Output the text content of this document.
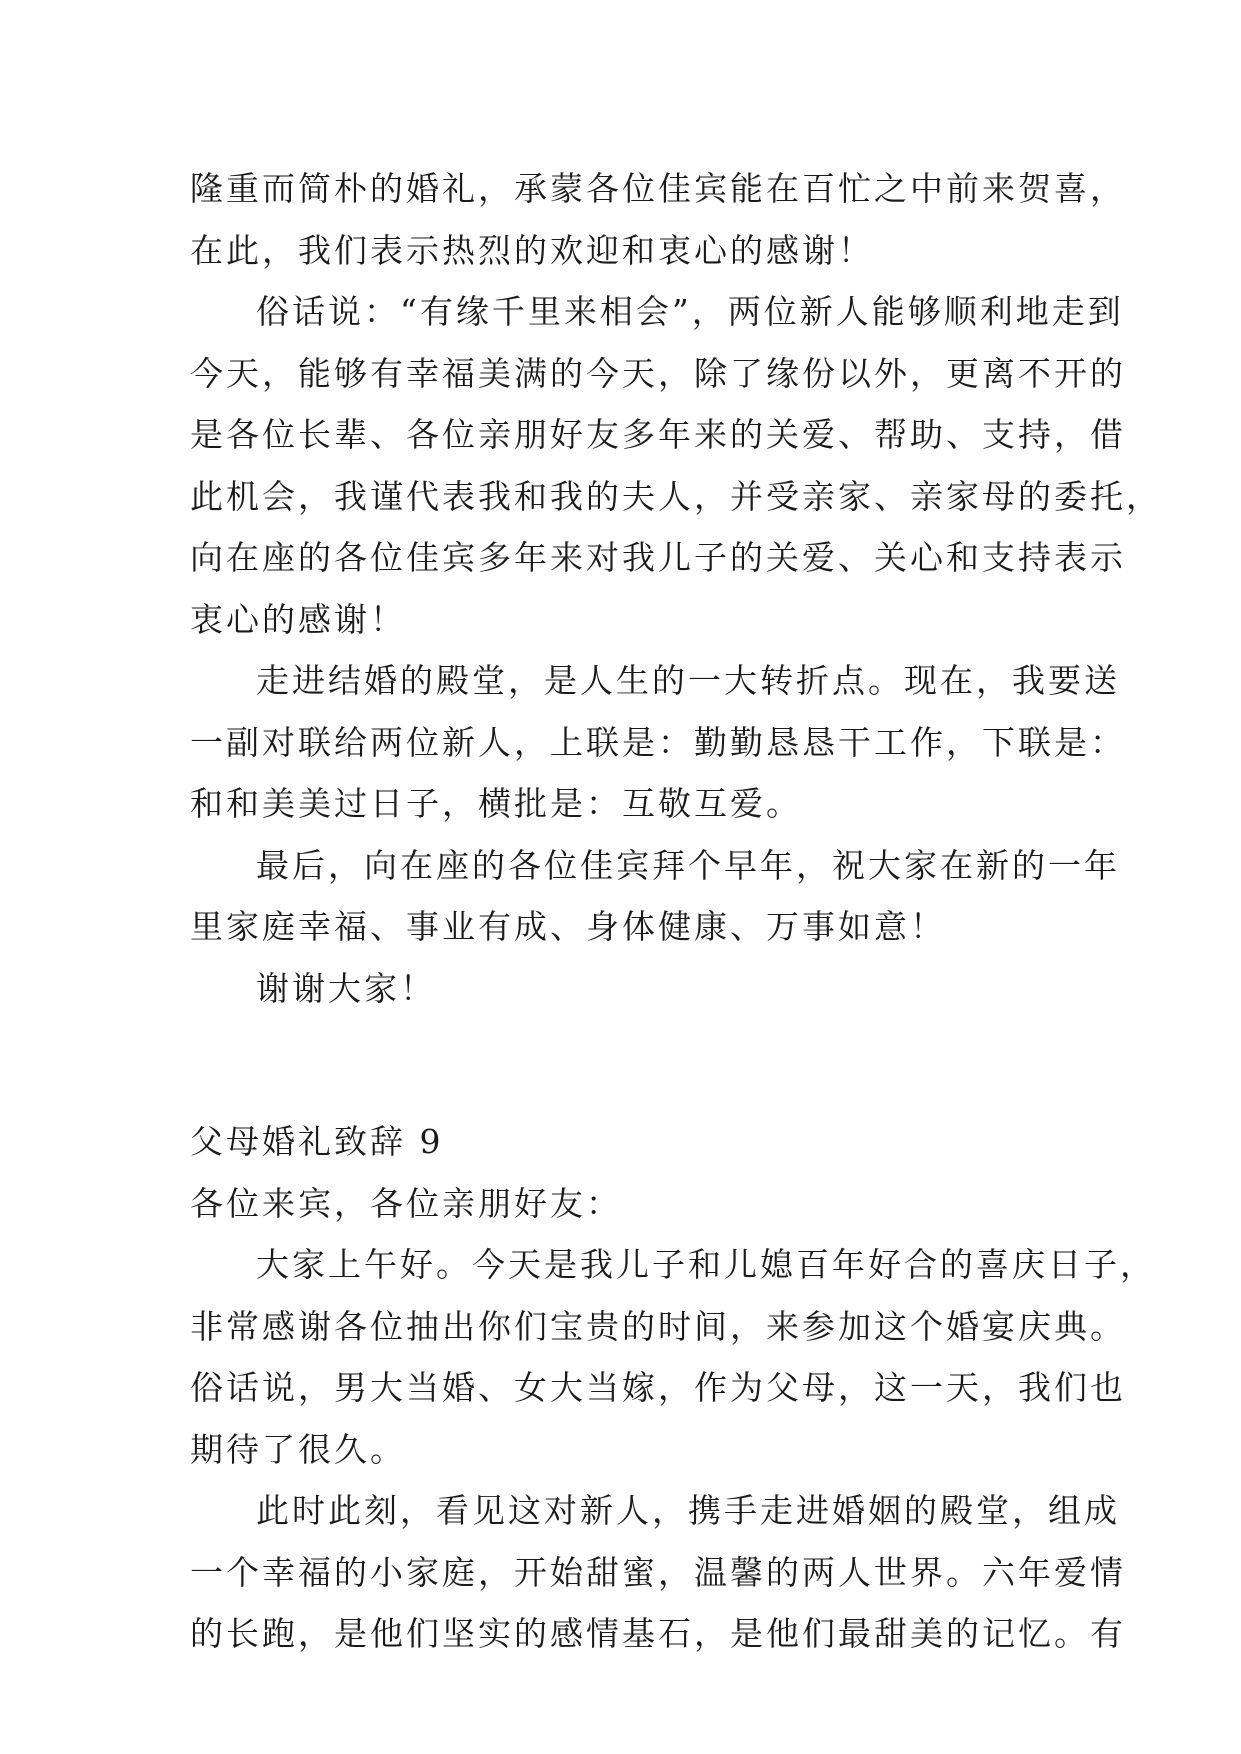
隆重而简朴的婚礼，承蒙各位佳宾能在百忙之中前来贺喜，
在此，我们表示热烈的欢迎和衷心的感谢！
俗话说：“有缘千里来相会”，两位新人能够顺利地走到
今天，能够有幸福美满的今天，除了缘份以外，更离不开的
是各位长辈、各位亲朋好友多年来的关爱、帮助、支持，借
此机会，我谨代表我和我的夫人，并受亲家、亲家母的委托，
向在座的各位佳宾多年来对我儿子的关爱、关心和支持表示
衷心的感谢！
走进结婚的殿堂，是人生的一大转折点。现在，我要送
一副对联给两位新人，上联是：勤勤恳恳干工作，下联是：
和和美美过日子，横批是：互敬互爱。
最后，向在座的各位佳宾拜个早年，祝大家在新的一年
里家庭幸福、事业有成、身体健康、万事如意！
谢谢大家！
父母婚礼致辞 9
各位来宾，各位亲朋好友：
大家上午好。今天是我儿子和儿媳百年好合的喜庆日子，
非常感谢各位抽出你们宝贵的时间，来参加这个婚宴庆典。
俗话说，男大当婚、女大当嫁，作为父母，这一天，我们也
期待了很久。
此时此刻，看见这对新人，携手走进婚姻的殿堂，组成
一个幸福的小家庭，开始甜蜜，温馨的两人世界。六年爱情
的长跑，是他们坚实的感情基石，是他们最甜美的记忆。有
